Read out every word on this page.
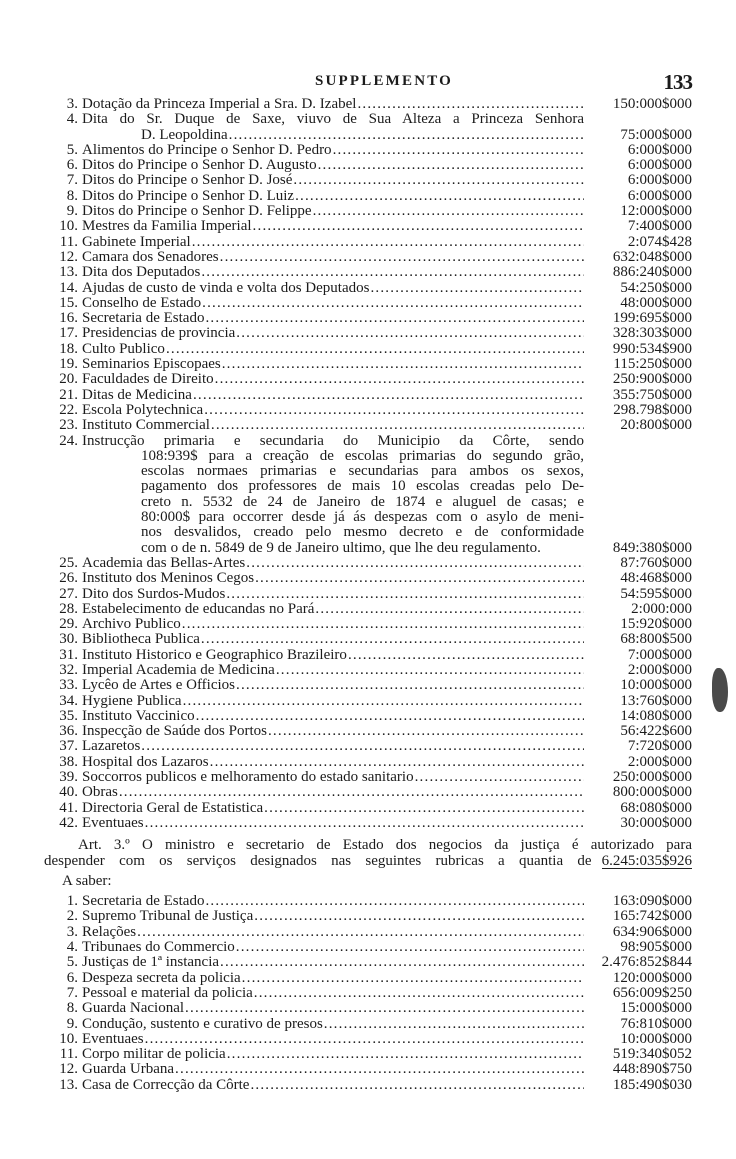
SUPPLEMENTO	133
3. Dotação da Princeza Imperial a Sra. D. Izabel .....	150:000$000
4. Dita do Sr. Duque de Saxe, viuvo de Sua Alteza a Princeza Senhora
D. Leopoldina .....	75:000$000
5. Alimentos do Principe o Senhor D. Pedro .....	6:000$000
6. Ditos do Principe o Senhor D. Augusto .....	6:000$000
7. Ditos do Principe o Senhor D. José .....	6:000$000
8. Ditos do Principe o Senhor D. Luiz .....	6:000$000
9. Ditos do Principe o Senhor D. Felippe .....	12:000$000
10. Mestres da Familia Imperial .....	7:400$000
11. Gabinete Imperial .....	2:074$428
12. Camara dos Senadores .....	632:048$000
13. Dita dos Deputados .....	886:240$000
14. Ajudas de custo de vinda e volta dos Deputados .....	54:250$000
15. Conselho de Estado .....	48:000$000
16. Secretaria de Estado .....	199:695$000
17. Presidencias de provincia .....	328:303$000
18. Culto Publico .....	990:534$900
19. Seminarios Episcopaes .....	115:250$000
20. Faculdades de Direito .....	250:900$000
21. Ditas de Medicina .....	355:750$000
22. Escola Polytechnica .....	298.798$000
23. Instituto Commercial .....	20:800$000
24. Instrucção primaria e secundaria do Municipio da Côrte, sendo
108:939$ para a creação de escolas primarias do segundo grão,
escolas normaes primarias e secundarias para ambos os sexos,
pagamento dos professores de mais 10 escolas creadas pelo De-
creto n. 5532 de 24 de Janeiro de 1874 e aluguel de casas; e
80:000$ para occorrer desde já ás despezas com o asylo de meni-
nos desvalidos, creado pelo mesmo decreto e de conformidade
com o de n. 5849 de 9 de Janeiro ultimo, que lhe deu regulamento.	849:380$000
25. Academia das Bellas-Artes .....	87:760$000
26. Instituto dos Meninos Cegos .....	48:468$000
27. Dito dos Surdos-Mudos .....	54:595$000
28. Estabelecimento de educandas no Pará .....	2:000:000
29. Archivo Publico .....	15:920$000
30. Bibliotheca Publica .....	68:800$500
31. Instituto Historico e Geographico Brazileiro .....	7:000$000
32. Imperial Academia de Medicina .....	2:000$000
33. Lycêo de Artes e Officios .....	10:000$000
34. Hygiene Publica .....	13:760$000
35. Instituto Vaccinico .....	14:080$000
36. Inspecção de Saúde dos Portos .....	56:422$600
37. Lazaretos .....	7:720$000
38. Hospital dos Lazaros .....	2:000$000
39. Soccorros publicos e melhoramento do estado sanitario .....	250:000$000
40. Obras .....	800:000$000
41. Directoria Geral de Estatistica .....	68:080$000
42. Eventuaes .....	30:000$000
Art. 3.º O ministro e secretario de Estado dos negocios da justiça é autorizado para
despender com os serviços designados nas seguintes rubricas a quantia de 6.245:035$926
A saber:
1. Secretaria de Estado .....	163:090$000
2. Supremo Tribunal de Justiça .....	165:742$000
3. Relações .....	634:906$000
4. Tribunaes do Commercio .....	98:905$000
5. Justiças de 1ª instancia .....	2.476:852$844
6. Despeza secreta da policia .....	120:000$000
7. Pessoal e material da policia .....	656:009$250
8. Guarda Nacional .....	15:000$000
9. Condução, sustento e curativo de presos .....	76:810$000
10. Eventuaes .....	10:000$000
11. Corpo militar de policia .....	519:340$052
12. Guarda Urbana .....	448:890$750
13. Casa de Correcção da Côrte .....	185:490$030
